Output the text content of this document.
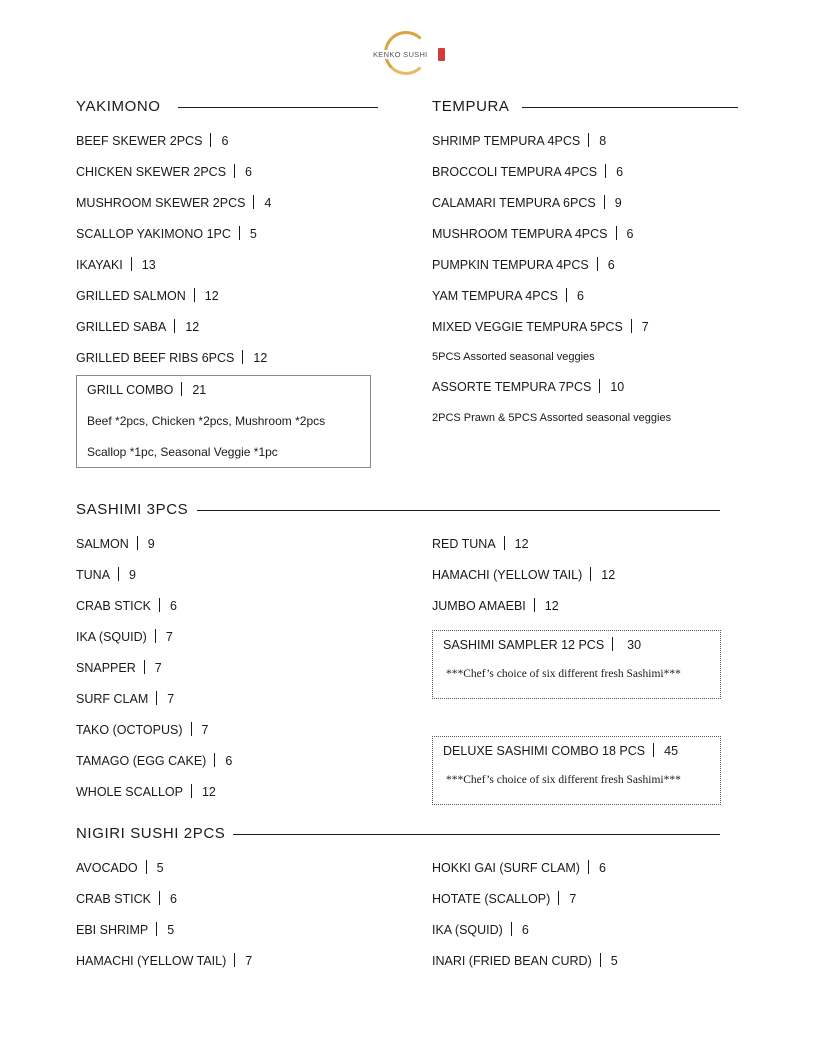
KENKO SUSHI
YAKIMONO
BEEF SKEWER 2PCS 6
CHICKEN SKEWER 2PCS 6
MUSHROOM SKEWER 2PCS 4
SCALLOP YAKIMONO 1PC 5
IKAYAKI 13
GRILLED SALMON 12
GRILLED SABA 12
GRILLED BEEF RIBS 6PCS 12
GRILL COMBO 21
Beef *2pcs, Chicken *2pcs, Mushroom *2pcs
Scallop *1pc, Seasonal Veggie *1pc
TEMPURA
SHRIMP TEMPURA 4PCS 8
BROCCOLI TEMPURA 4PCS 6
CALAMARI TEMPURA 6PCS 9
MUSHROOM TEMPURA 4PCS 6
PUMPKIN TEMPURA 4PCS 6
YAM TEMPURA 4PCS 6
MIXED VEGGIE TEMPURA 5PCS 7
5PCS Assorted seasonal veggies
ASSORTE TEMPURA 7PCS 10
2PCS Prawn & 5PCS Assorted seasonal veggies
SASHIMI 3PCS
SALMON 9
TUNA 9
CRAB STICK 6
IKA (SQUID) 7
SNAPPER 7
SURF CLAM 7
TAKO (OCTOPUS) 7
TAMAGO (EGG CAKE) 6
WHOLE SCALLOP 12
RED TUNA 12
HAMACHI (YELLOW TAIL) 12
JUMBO AMAEBI 12
SASHIMI SAMPLER 12 PCS 30
***Chef’s choice of six different fresh Sashimi***
DELUXE SASHIMI COMBO 18 PCS 45
***Chef’s choice of six different fresh Sashimi***
NIGIRI SUSHI 2PCS
AVOCADO 5
CRAB STICK 6
EBI SHRIMP 5
HAMACHI (YELLOW TAIL) 7
HOKKI GAI (SURF CLAM) 6
HOTATE (SCALLOP) 7
IKA (SQUID) 6
INARI (FRIED BEAN CURD) 5
